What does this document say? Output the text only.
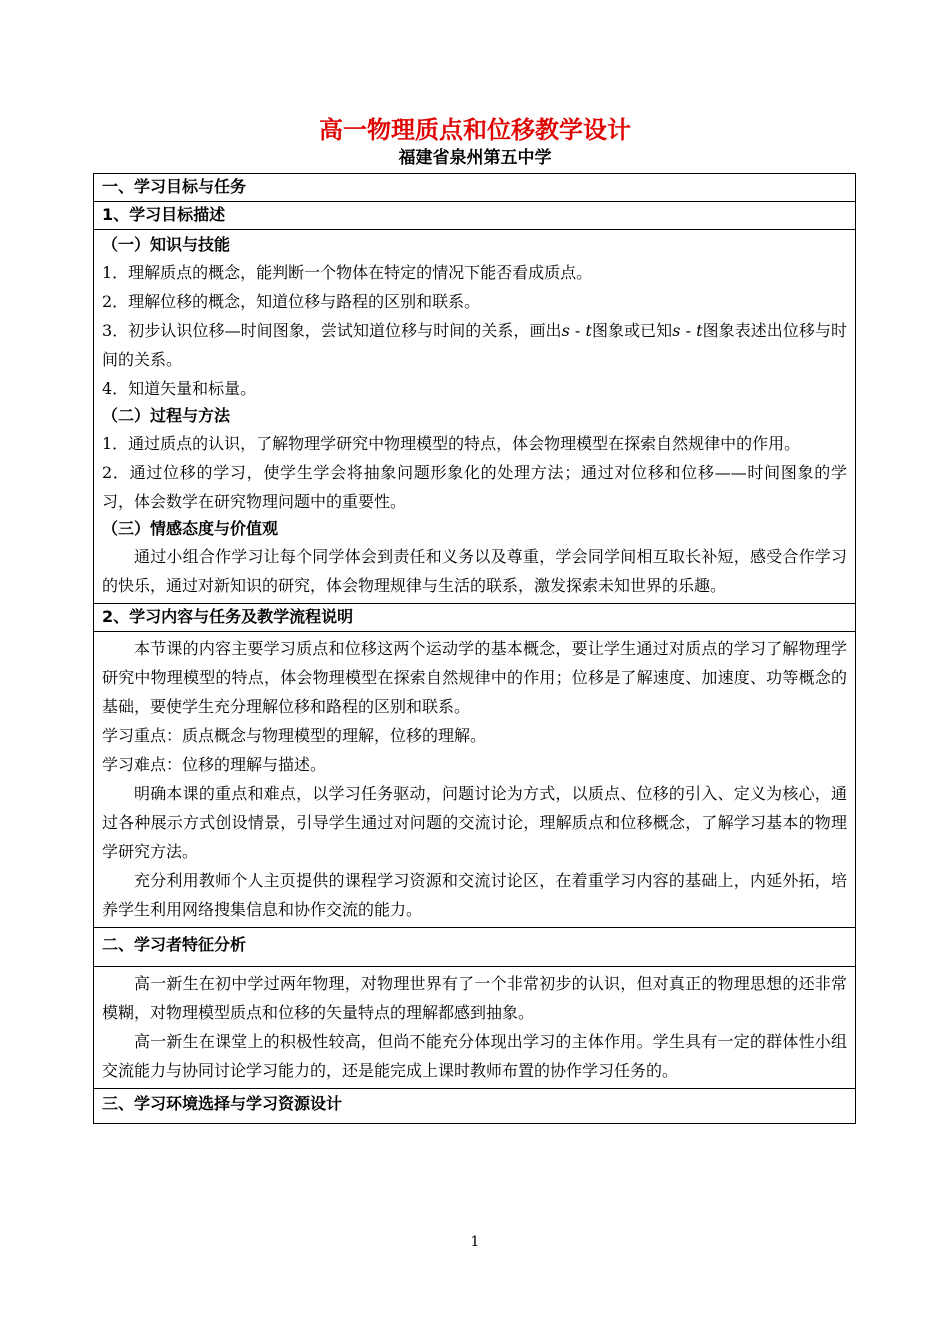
高一物理质点和位移教学设计
福建省泉州第五中学
一、学习目标与任务

1、学习目标描述

（一）知识与技能
1．理解质点的概念，能判断一个物体在特定的情况下能否看成质点。
2．理解位移的概念，知道位移与路程的区别和联系。
3．初步认识位移—时间图象，尝试知道位移与时间的关系，画出s - t图象或已知s - t图象表述出位移与时间的关系。
4．知道矢量和标量。
（二）过程与方法
1．通过质点的认识，了解物理学研究中物理模型的特点，体会物理模型在探索自然规律中的作用。
2．通过位移的学习，使学生学会将抽象问题形象化的处理方法；通过对位移和位移——时间图象的学习，体会数学在研究物理问题中的重要性。
（三）情感态度与价值观
通过小组合作学习让每个同学体会到责任和义务以及尊重，学会同学间相互取长补短，感受合作学习的快乐，通过对新知识的研究，体会物理规律与生活的联系，激发探索未知世界的乐趣。

2、学习内容与任务及教学流程说明

本节课的内容主要学习质点和位移这两个运动学的基本概念，要让学生通过对质点的学习了解物理学研究中物理模型的特点，体会物理模型在探索自然规律中的作用；位移是了解速度、加速度、功等概念的基础，要使学生充分理解位移和路程的区别和联系。
学习重点：质点概念与物理模型的理解，位移的理解。
学习难点：位移的理解与描述。
明确本课的重点和难点，以学习任务驱动，问题讨论为方式，以质点、位移的引入、定义为核心，通过各种展示方式创设情景，引导学生通过对问题的交流讨论，理解质点和位移概念，了解学习基本的物理学研究方法。
充分利用教师个人主页提供的课程学习资源和交流讨论区，在着重学习内容的基础上，内延外拓，培养学生利用网络搜集信息和协作交流的能力。

二、学习者特征分析

高一新生在初中学过两年物理，对物理世界有了一个非常初步的认识，但对真正的物理思想的还非常模糊，对物理模型质点和位移的矢量特点的理解都感到抽象。
高一新生在课堂上的积极性较高，但尚不能充分体现出学习的主体作用。学生具有一定的群体性小组交流能力与协同讨论学习能力的，还是能完成上课时教师布置的协作学习任务的。

三、学习环境选择与学习资源设计
1
